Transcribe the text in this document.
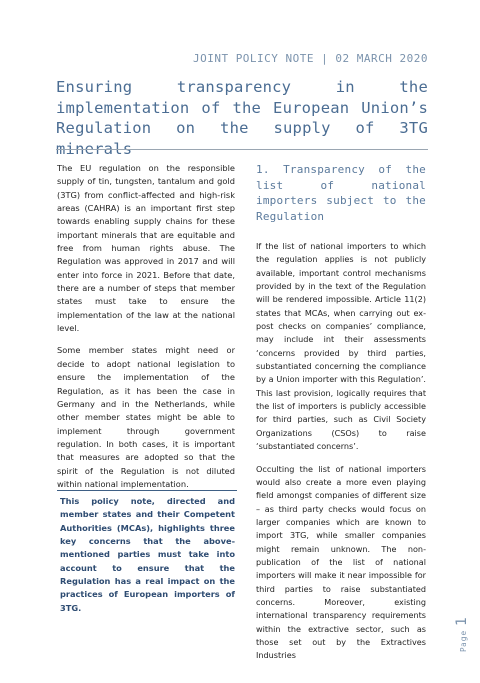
JOINT POLICY NOTE | 02 MARCH 2020
Ensuring transparency in the implementation of the European Union’s Regulation on the supply of 3TG minerals

The EU regulation on the responsible supply of tin, tungsten, tantalum and gold (3TG) from conflict-affected and high-risk areas (CAHRA) is an important first step towards enabling supply chains for these important minerals that are equitable and free from human rights abuse. The Regulation was approved in 2017 and will enter into force in 2021. Before that date, there are a number of steps that member states must take to ensure the implementation of the law at the national level.

Some member states might need or decide to adopt national legislation to ensure the implementation of the Regulation, as it has been the case in Germany and in the Netherlands, while other member states might be able to implement through government regulation. In both cases, it is important that measures are adopted so that the spirit of the Regulation is not diluted within national implementation.

This policy note, directed and member states and their Competent Authorities (MCAs), highlights three key concerns that the above-mentioned parties must take into account to ensure that the Regulation has a real impact on the practices of European importers of 3TG.
1. Transparency of the list of national importers subject to the Regulation

If the list of national importers to which the regulation applies is not publicly available, important control mechanisms provided by in the text of the Regulation will be rendered impossible. Article 11(2) states that MCAs, when carrying out ex-post checks on companies’ compliance, may include int their assessments ‘concerns provided by third parties, substantiated concerning the compliance by a Union importer with this Regulation’. This last provision, logically requires that the list of importers is publicly accessible for third parties, such as Civil Society Organizations (CSOs) to raise ‘substantiated concerns’.

Occulting the list of national importers would also create a more even playing field amongst companies of different size – as third party checks would focus on larger companies which are known to import 3TG, while smaller companies might remain unknown. The non-publication of the list of national importers will make it near impossible for third parties to raise substantiated concerns. Moreover, existing international transparency requirements within the extractive sector, such as those set out by the Extractives Industries

Page1
